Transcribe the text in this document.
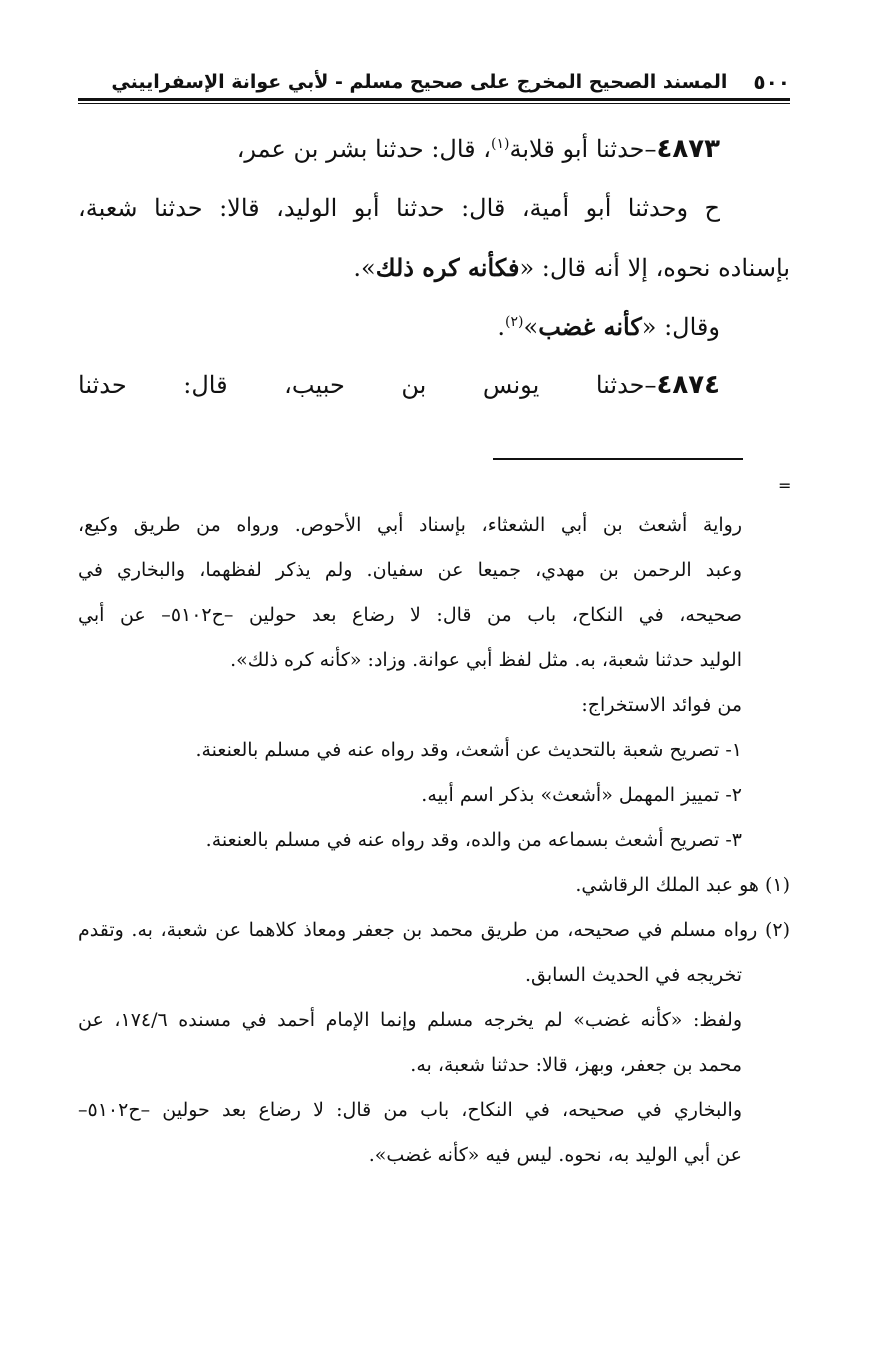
٥٠٠
المسند الصحيح المخرج على صحيح مسلم - لأبي عوانة الإسفراييني
٤٨٧٣–حدثنا أبو قلابة$^{(١)}$، قال: حدثنا بشر بن عمر،
ح وحدثنا أبو أمية، قال: حدثنا أبو الوليد، قالا: حدثنا شعبة،
بإسناده نحوه، إلا أنه قال: «فكأنه كره ذلك».
وقال: «كأنه غضب»$^{(٢)}$.
٤٨٧٤–حدثنا يونس بن حبيب، قال: حدثنا
=
رواية أشعث بن أبي الشعثاء، بإسناد أبي الأحوص. ورواه من طريق وكيع،
وعبد الرحمن بن مهدي، جميعا عن سفيان. ولم يذكر لفظهما، والبخاري في
صحيحه، في النكاح، باب من قال: لا رضاع بعد حولين –ح٥١٠٢– عن أبي
الوليد حدثنا شعبة، به. مثل لفظ أبي عوانة. وزاد: «كأنه كره ذلك».
من فوائد الاستخراج:
١- تصريح شعبة بالتحديث عن أشعث، وقد رواه عنه في مسلم بالعنعنة.
٢- تمييز المهمل «أشعث» بذكر اسم أبيه.
٣- تصريح أشعث بسماعه من والده، وقد رواه عنه في مسلم بالعنعنة.
(١) هو عبد الملك الرقاشي.
(٢) رواه مسلم في صحيحه، من طريق محمد بن جعفر ومعاذ كلاهما عن شعبة، به. وتقدم
تخريجه في الحديث السابق.
ولفظ: «كأنه غضب» لم يخرجه مسلم وإنما الإمام أحمد في مسنده ١٧٤/٦، عن
محمد بن جعفر، وبهز، قالا: حدثنا شعبة، به.
والبخاري في صحيحه، في النكاح، باب من قال: لا رضاع بعد حولين –ح٥١٠٢–
عن أبي الوليد به، نحوه. ليس فيه «كأنه غضب».
